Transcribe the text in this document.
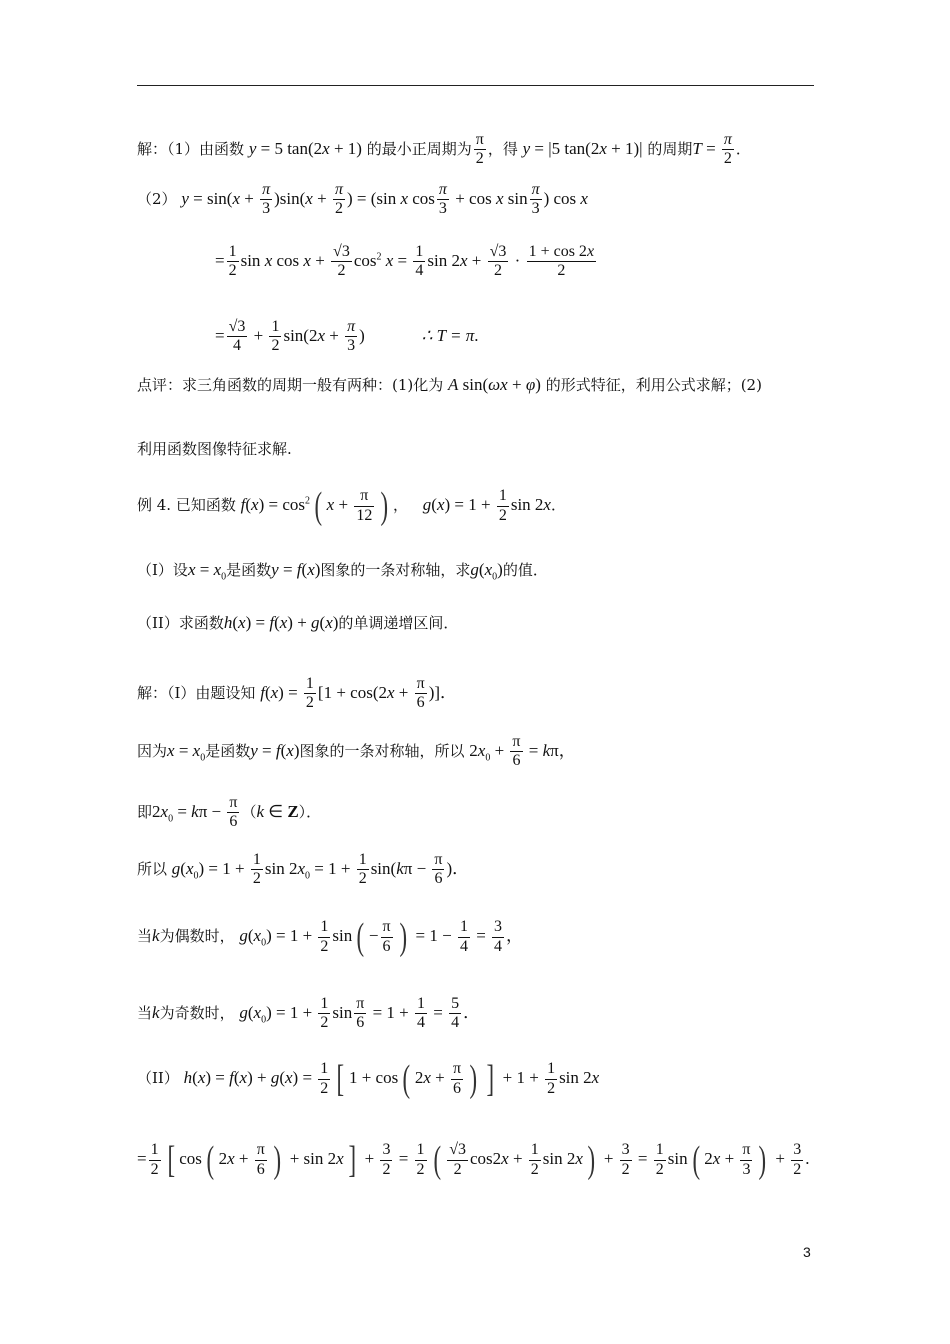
解：（1）由函数 y = 5 tan(2x + 1) 的最小正周期为 $\frac{\pi}{2}$ ，得 y = |5 tan(2x + 1)| 的周期$T = \frac{\pi}{2}$ ．
（2） $y = \sin(x + \frac{\pi}{3} )\sin(x + \frac{\pi}{2}$ ) = (sin x $\cos \frac{\pi}{3} + \cos x$ $\sin \frac{\pi}{3}$ ) cos x
= $\frac{1}{2}$ sin x $\cos x + \frac{√3}{2} \cos^2 x = \frac{1}{4}$ $\sin 2x + \frac{√3}{2} \cdot \frac{1 + \cos 2x}{2}$
= $\frac{√3}{4} + \frac{1}{2} \sin(2x + \frac{\pi}{3}$ )	∴ T = π.
点评：求三角函数的周期一般有两种：(1)化为 A sin(ωx + φ) 的形式特征，利用公式求解；(2)
利用函数图像特征求解.
例 4. 已知函数 $f(x) = \cos^2$ ( $x + \frac{\pi}{12}$ ) ， $g(x) = 1 + \frac{1}{2}$ sin 2x．
（I）设$x = x_0$是函数y = f(x)图象的一条对称轴，求$g(x_0)$的值．
（II）求函数h(x) = f(x) + g(x)的单调递增区间．
解：（I）由题设知 $f(x) = \frac{1}{2} [1 + \cos(2x + \frac{\pi}{6}$ )]．
因为$x = x_0$是函数y = f(x)图象的一条对称轴，所以 $2x_0 + \frac{\pi}{6} = k\pi$，
即$2x_0 = k\pi - \frac{\pi}{6} (k$ ∈ Z）．
所以 $g(x_0) = 1 + \frac{1}{2}$ $\sin 2x_0 = 1 + \frac{1}{2} \sin(k\pi - \frac{\pi}{6}$ )．
当k为偶数时， $g(x_0) = 1 + \frac{1}{2}$ sin ( − $\frac{\pi}{6}$ ) = $1 - \frac{1}{4} = \frac{3}{4}$ ，
当k为奇数时， $g(x_0) = 1 + \frac{1}{2}$ $\sin \frac{\pi}{6} = 1 + \frac{1}{4} = \frac{5}{4}$ ．
（II） $h(x) = f(x) + g(x) = \frac{1}{2}$ [ 1 + cos ( $2x + \frac{\pi}{6}$ ) ] + $1 + \frac{1}{2}$ sin 2x
= $\frac{1}{2}$ [ cos ( $2x + \frac{\pi}{6}$ ) + sin 2x ] + $\frac{3}{2} = \frac{1}{2}$ ( $\frac{√3}{2} \cos 2x + \frac{1}{2}$ sin 2x ) + $\frac{3}{2} = \frac{1}{2}$ sin ( $2x + \frac{\pi}{3}$ ) + $\frac{3}{2}$ .
3
